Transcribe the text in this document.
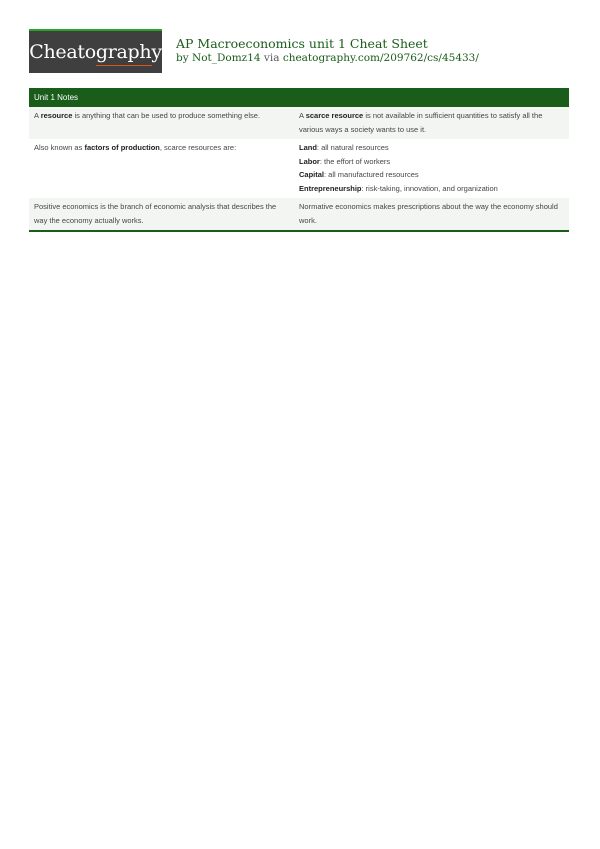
Cheatography AP Macroeconomics unit 1 Cheat Sheet
by Not_Domz14 via cheatography.com/209762/cs/45433/
Unit 1 Notes
A resource is anything that can be used to produce something else.	A scarce resource is not available in sufficient quantities to satisfy all the various ways a society wants to use it.
Also known as factors of production, scarce resources are:	Land: all natural resources
Labor: the effort of workers
Capital: all manufactured resources
Entrepreneurship: risk-taking, innovation, and organization
Positive economics is the branch of economic analysis that describes the way the economy actually works.
Normative economics makes prescriptions about the way the economy should work.
